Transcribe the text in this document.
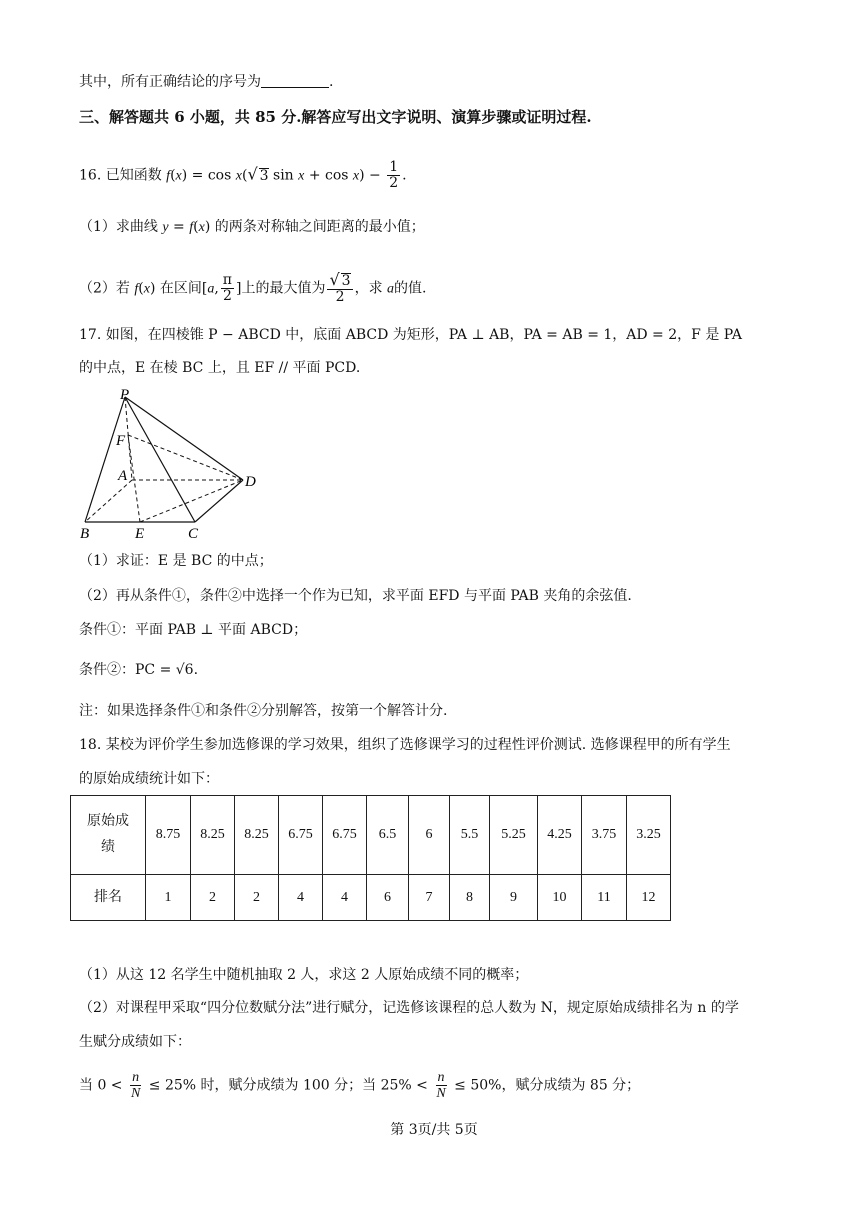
其中，所有正确结论的序号为	.
三、解答题共 6 小题，共 85 分.解答应写出文字说明、演算步骤或证明过程.
16. 已知函数 f(x) = cos x(√ 3 $\sin x + \cos x) - \frac{1}{2}$ .
（1）求曲线 y = f(x) 的两条对称轴之间距离的最小值；
（2）若 f(x) 在区间[a, $\frac{\pi}{2}$ ]上的最大值为 $\frac{√ 3}{2}$ ，求 a的值.
17. 如图，在四棱锥 P − ABCD 中，底面 ABCD 为矩形，PA ⊥ AB，PA = AB = 1，AD = 2，F 是 PA
的中点，E 在棱 BC 上，且 EF // 平面 PCD.
P
F
A	D
B	E	C
（1）求证：E 是 BC 的中点；
（2）再从条件①，条件②中选择一个作为已知，求平面 EFD 与平面 PAB 夹角的余弦值.
条件①：平面 PAB ⊥ 平面 ABCD；
条件②：PC = √6.
注：如果选择条件①和条件②分别解答，按第一个解答计分.
18. 某校为评价学生参加选修课的学习效果，组织了选修课学习的过程性评价测试. 选修课程甲的所有学生
的原始成绩统计如下：
原始成
绩	8.75	8.25	8.25	6.75	6.75	6.5	6	5.5	5.25	4.25	3.75	3.25
排名	1	2	2	4	4	6	7	8	9	10	11	12
（1）从这 12 名学生中随机抽取 2 人，求这 2 人原始成绩不同的概率；
（2）对课程甲采取“四分位数赋分法”进行赋分，记选修该课程的总人数为 N，规定原始成绩排名为 n 的学
生赋分成绩如下：
当 $0 < \frac{n}{N} \le 25\%$ 时，赋分成绩为 100 分；当 $25\% < \frac{n}{N} \le 50\%$，赋分成绩为 85 分；
第 3页/共 5页
